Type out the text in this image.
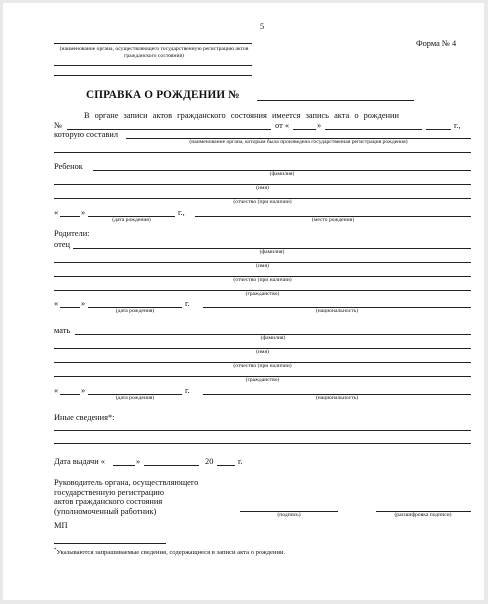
5
Форма № 4
(наименование органа, осуществляющего государственную регистрацию актов гражданского состояния)
СПРАВКА О РОЖДЕНИИ №
В органе записи актов гражданского состояния имеется запись акта о рождении
№	от «	»	г.,
которую составил
(наименование органа, которым была произведена государственная регистрация рождения)
Ребенок
(фамилия)
(имя)
(отчество (при наличии)
«	»	г.,
(дата рождения)	(место рождения)
Родители:
отец
(фамилия)
(имя)
(отчество (при наличии)
(гражданство)
«	»	г.
(дата рождения)	(национальность)
мать
(фамилия)
(имя)
(отчество (при наличии)
(гражданство)
«	»	г.
(дата рождения)	(национальность)
Иные сведения*:
Дата выдачи «	»	20	г.
Руководитель органа, осуществляющего
государственную регистрацию
актов гражданского состояния
(уполномоченный работник)	(подпись)	(расшифровка подписи)
МП
*Указываются запрашиваемые сведения, содержащиеся в записи акта о рождении.
